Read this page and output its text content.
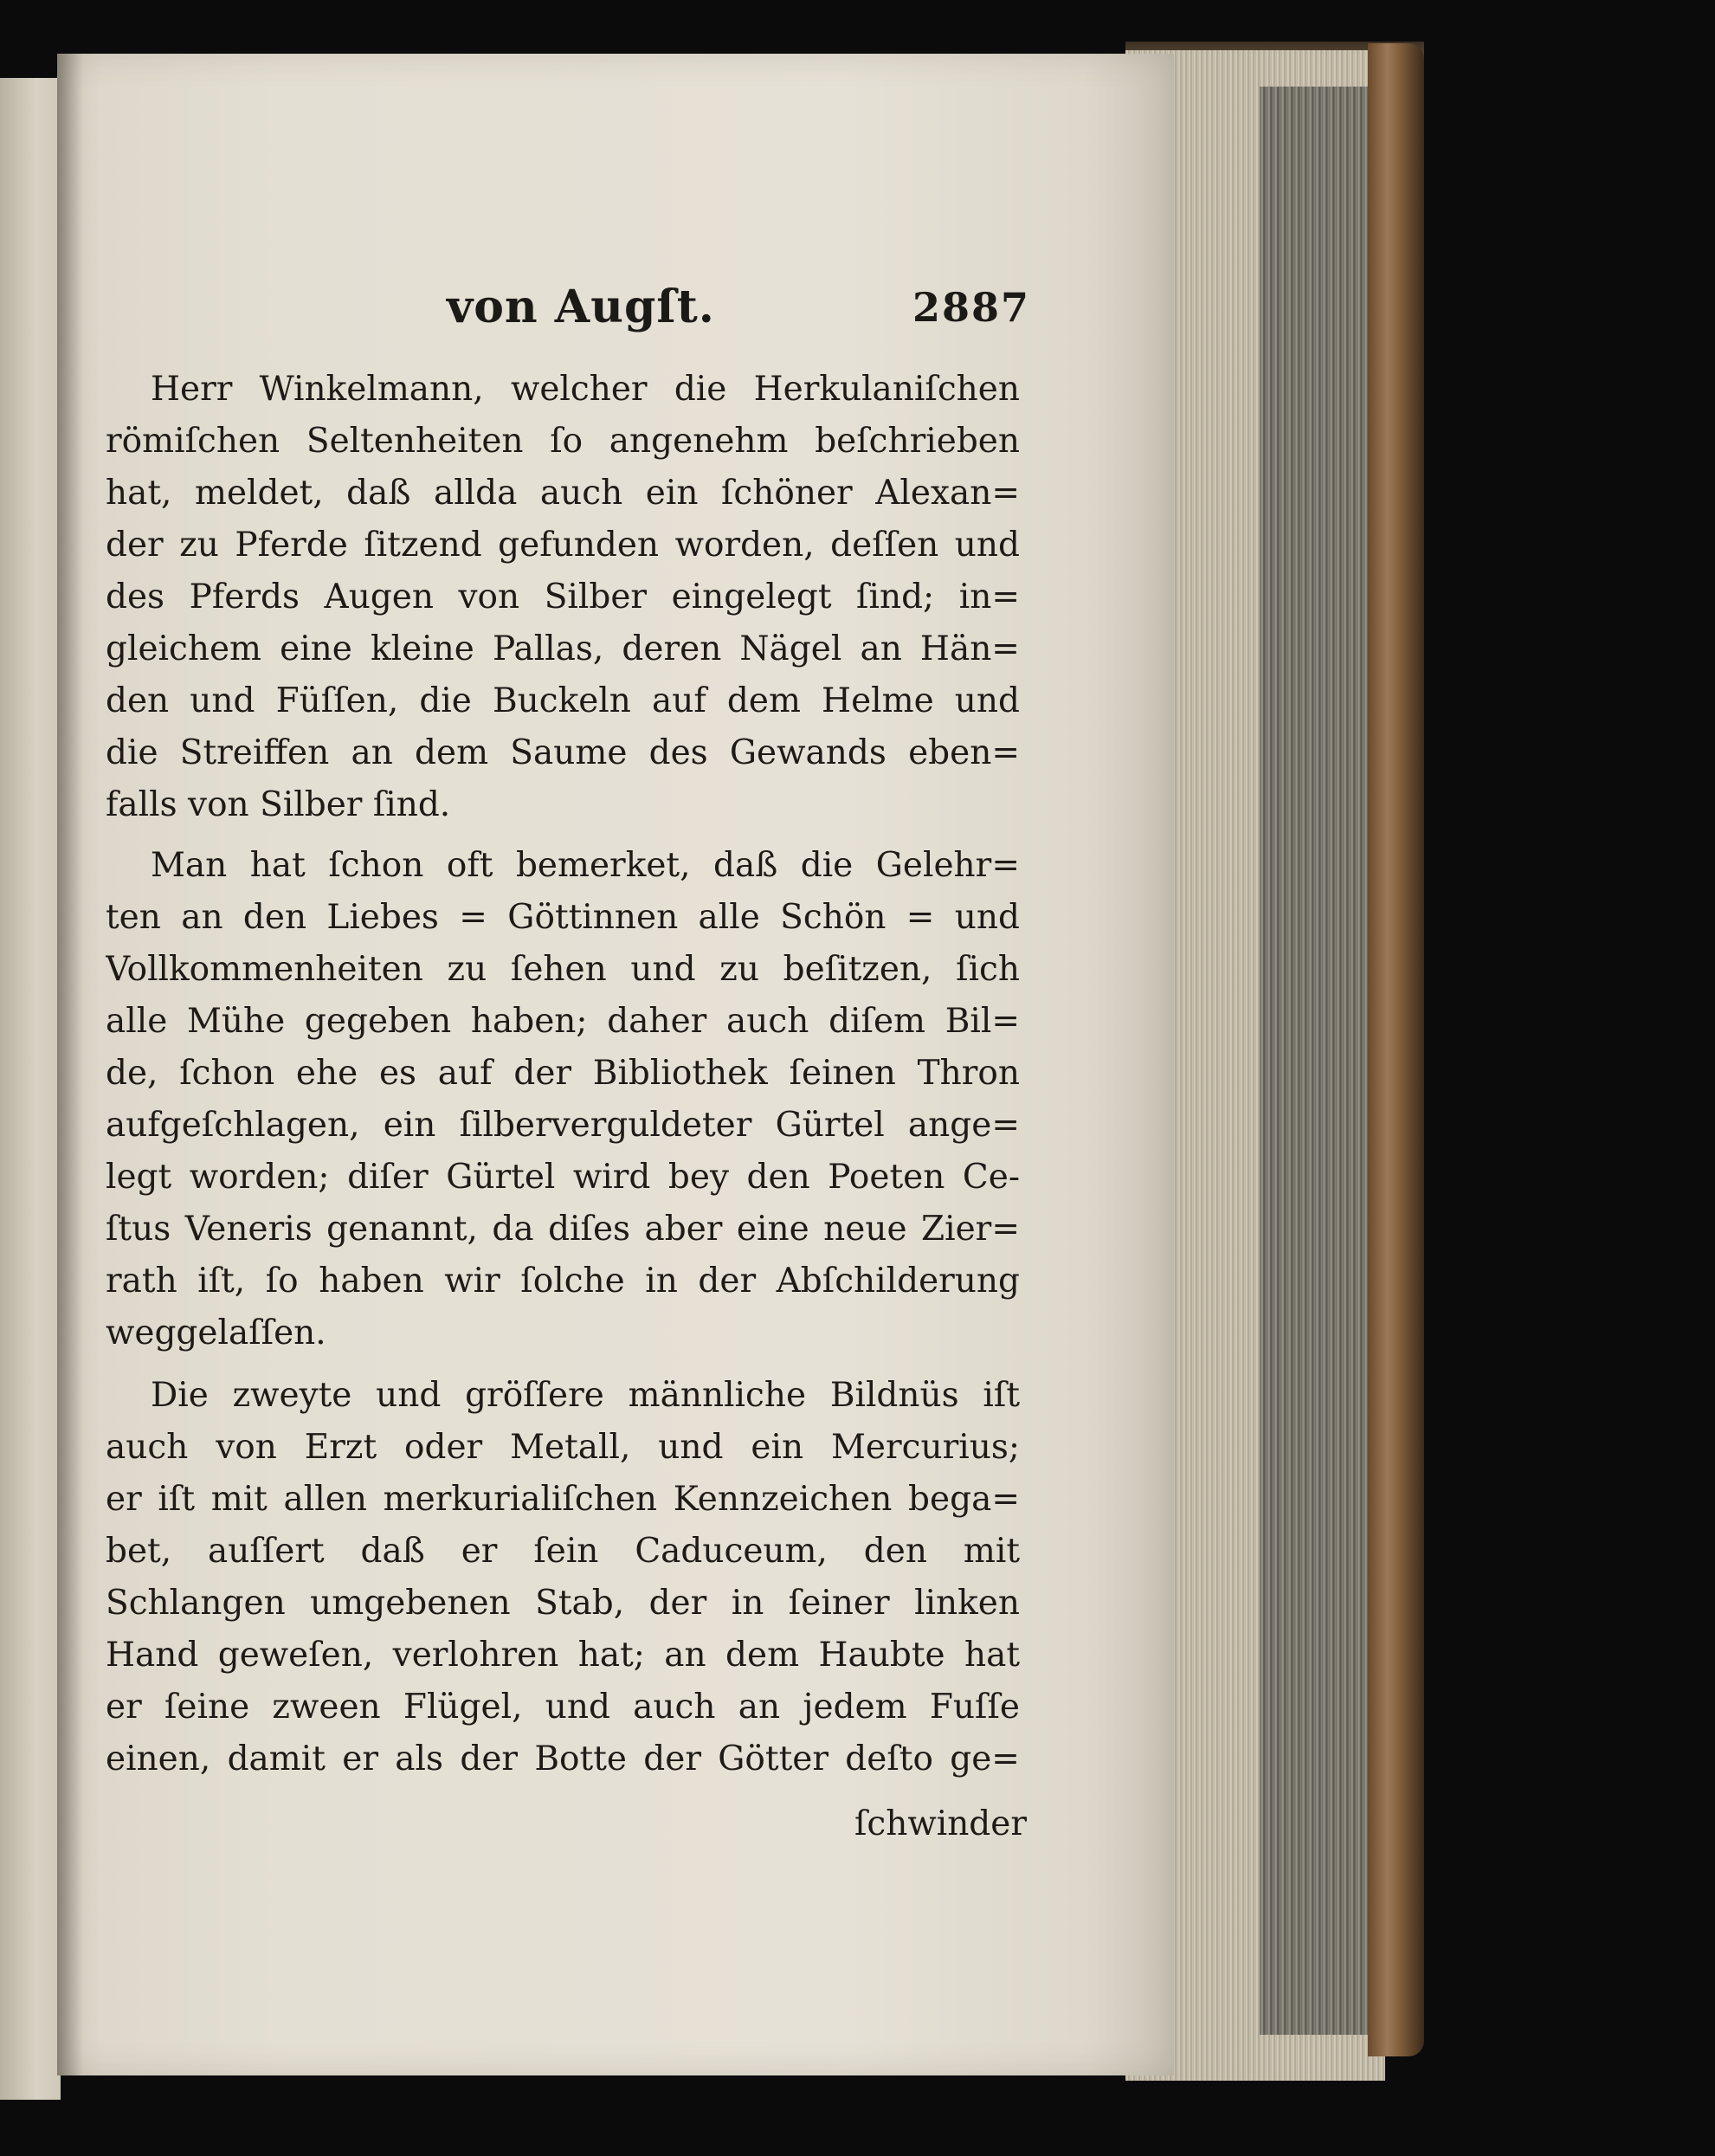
von Augſt.	2887
Herr Winkelmann, welcher die Herkulaniſchen
römiſchen Seltenheiten ſo angenehm beſchrieben
hat, meldet, daß allda auch ein ſchöner Alexan=
der zu Pferde ſitzend gefunden worden, deſſen und
des Pferds Augen von Silber eingelegt ſind; in=
gleichem eine kleine Pallas, deren Nägel an Hän=
den und Füſſen, die Buckeln auf dem Helme und
die Streiffen an dem Saume des Gewands eben=
falls von Silber ſind.
Man hat ſchon oft bemerket, daß die Gelehr=
ten an den Liebes = Göttinnen alle Schön = und
Vollkommenheiten zu ſehen und zu beſitzen, ſich
alle Mühe gegeben haben; daher auch diſem Bil=
de, ſchon ehe es auf der Bibliothek ſeinen Thron
aufgeſchlagen, ein ſilberverguldeter Gürtel ange=
legt worden; diſer Gürtel wird bey den Poeten Ce-
ſtus Veneris genannt, da diſes aber eine neue Zier=
rath iſt, ſo haben wir ſolche in der Abſchilderung
weggelaſſen.
Die zweyte und gröſſere männliche Bildnüs iſt
auch von Erzt oder Metall, und ein Mercurius;
er iſt mit allen merkurialiſchen Kennzeichen bega=
bet, auſſert daß er ſein Caduceum, den mit
Schlangen umgebenen Stab, der in ſeiner linken
Hand geweſen, verlohren hat; an dem Haubte hat
er ſeine zween Flügel, und auch an jedem Fuſſe
einen, damit er als der Botte der Götter deſto ge=
ſchwinder
